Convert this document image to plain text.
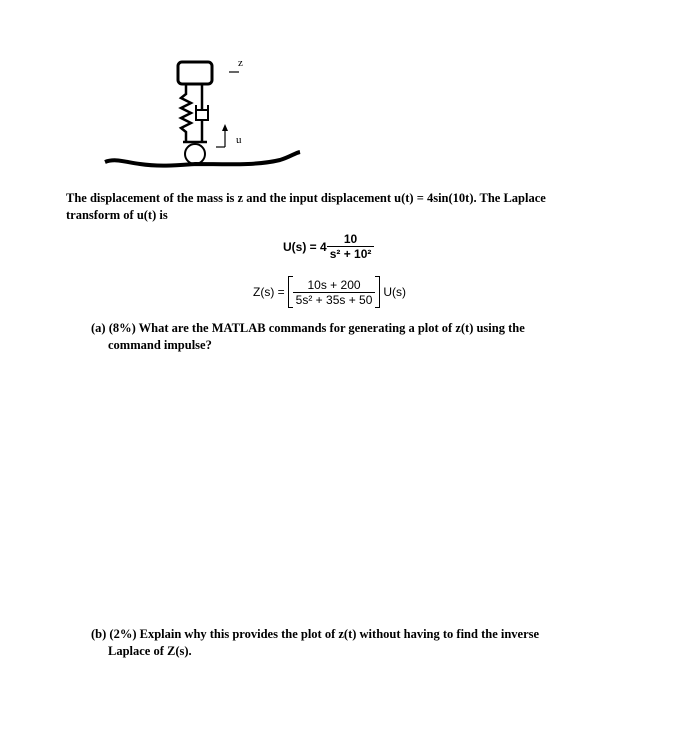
z
u
The displacement of the mass is z and the input displacement u(t) = 4sin(10t). The Laplace
transform of u(t) is
$U(s) = 4 \frac{10}{\text{s² + 10²}}$
$Z(s) = \frac{10s + 200}{\text{5s² + 35s + 50}} U(s)$
(a) (8%) What are the MATLAB commands for generating a plot of z(t) using the
command impulse?
(b) (2%) Explain why this provides the plot of z(t) without having to find the inverse
Laplace of Z(s).
